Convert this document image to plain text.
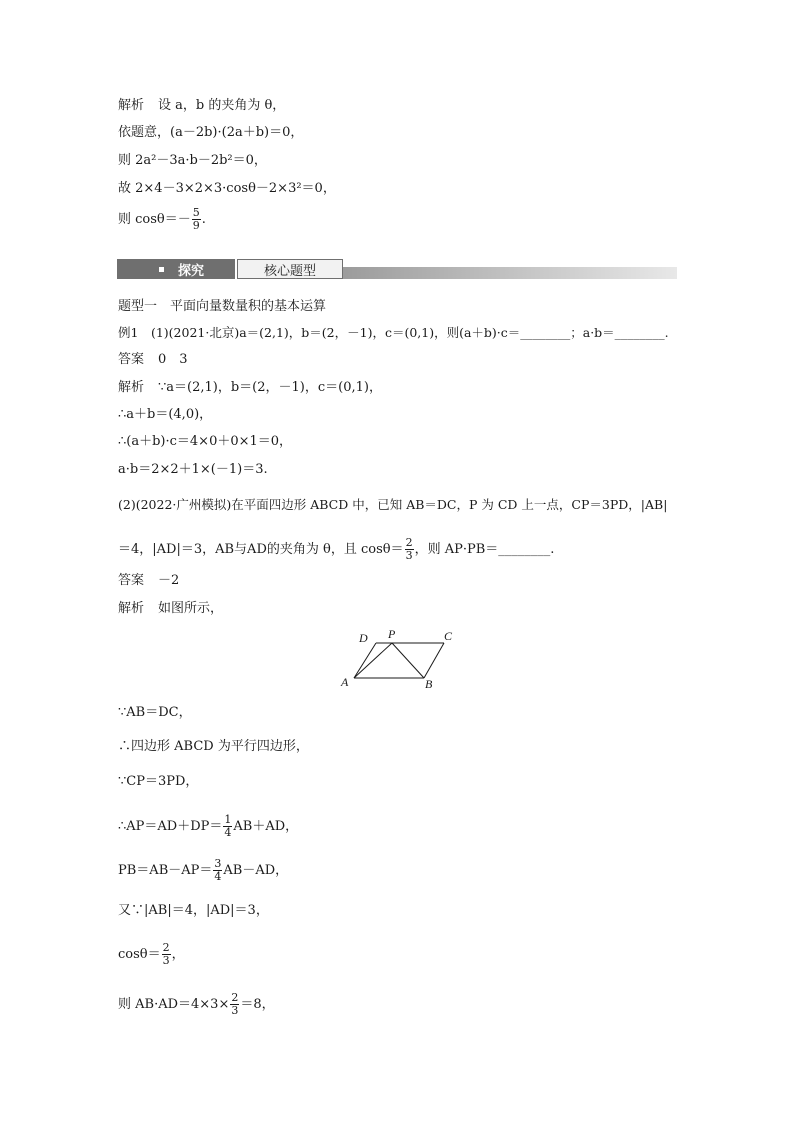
解析 设 a，b 的夹角为 θ，
依题意，(a－2b)·(2a＋b)＝0，
则 2a²－3a·b－2b²＝0，
故 2×4－3×2×3·cosθ－2×3²＝0，
则 $\cos\theta=- \frac{5}{9}$ .
探究	核心题型
题型一　平面向量数量积的基本运算
例1　(1)(2021·北京)a＝(2,1)，b＝(2，－1)，c＝(0,1)，则(a＋b)·c＝________；a·b＝________.
答案 0　3
解析 ∵a＝(2,1)，b＝(2，－1)，c＝(0,1)，
∴a＋b＝(4,0)，
∴(a＋b)·c＝4×0＋0×1＝0，
a·b＝2×2＋1×(－1)＝3.
(2)(2022·广州模拟)在平面四边形 ABCD 中，已知 AB＝DC，P 为 CD 上一点，CP＝3PD，|AB|
＝4，|AD|＝3，AB与AD的夹角为 θ，且 $\cos\theta= \frac{2}{3}$ ，则 AP·PB＝________.
答案 －2
解析 如图所示，
D P	C
A	B
∵AB＝DC，
∴四边形 ABCD 为平行四边形，
∵CP＝3PD，
∴AP＝AD＋DP＝ $\frac{1}{4} AB+AD$，
$PB=AB-AP= \frac{3}{4} AB-AD$，
又∵|AB|＝4，|AD|＝3，
$\cos\theta= \frac{2}{3}$ ，
则 $AB\cdot AD=4\times 3\times \frac{2}{3} =8$，
